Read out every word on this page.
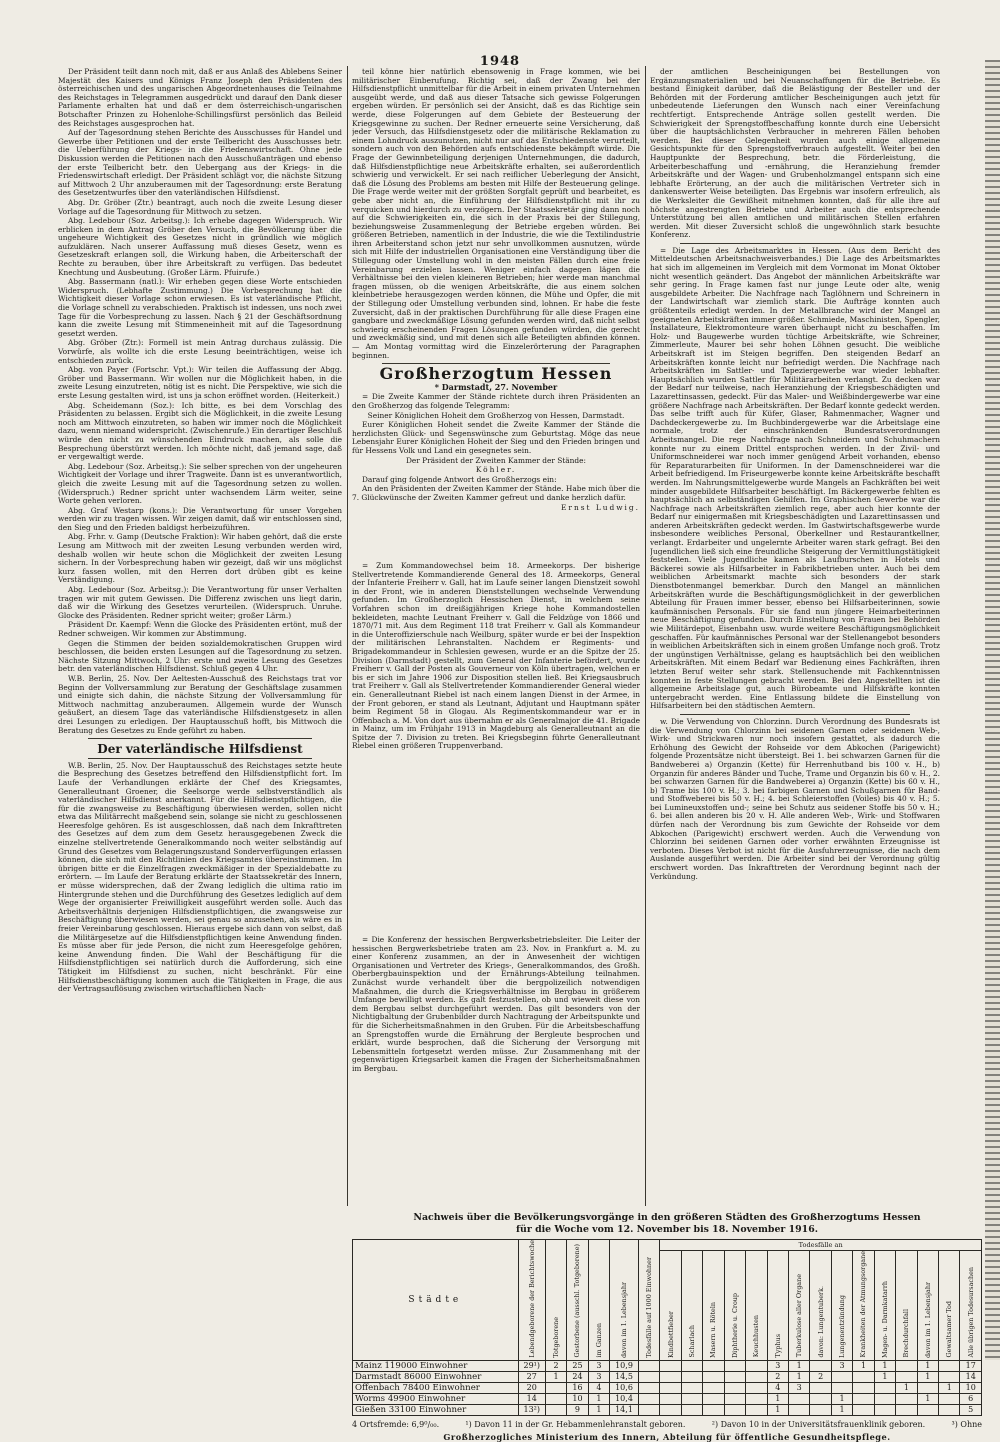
1948

Der Präsident teilt dann noch mit, daß er aus Anlaß des Ablebens Seiner Majestät des Kaisers und Königs Franz Joseph den Präsidenten des österreichischen und des ungarischen Abgeordnetenhauses die Teilnahme des Reichstages in Telegrammen ausgedrückt und darauf den Dank dieser Parlamente erhalten hat und daß er dem österreichisch-ungarischen Botschafter Prinzen zu Hohenlohe-Schillingsfürst persönlich das Beileid des Reichstages ausgesprochen hat.

Auf der Tagesordnung stehen Berichte des Ausschusses für Handel und Gewerbe über Petitionen und der erste Teilbericht des Ausschusses betr. die Ueberführung der Kriegs- in die Friedenswirtschaft. Ohne jede Diskussion werden die Petitionen nach den Ausschußanträgen und ebenso der erste Teilbericht betr. den Uebergang aus der Kriegs- in die Friedenswirtschaft erledigt. Der Präsident schlägt vor, die nächste Sitzung auf Mittwoch 2 Uhr anzuberaumen mit der Tagesordnung: erste Beratung des Gesetzentwurfes über den vaterländischen Hilfsdienst.

Abg. Dr. Gröber (Ztr.) beantragt, auch noch die zweite Lesung dieser Vorlage auf die Tagesordnung für Mittwoch zu setzen.

Abg. Ledebour (Soz. Arbeitsg.): Ich erhebe dagegen Widerspruch. Wir erblicken in dem Antrag Gröber den Versuch, die Bevölkerung über die ungeheure Wichtigkeit des Gesetzes nicht in gründlich wie möglich aufzuklären. Nach unserer Auffassung muß dieses Gesetz, wenn es Gesetzeskraft erlangen soll, die Wirkung haben, die Arbeiterschaft der Rechte zu berauben, über ihre Arbeitskraft zu verfügen. Das bedeutet Knechtung und Ausbeutung. (Großer Lärm. Pfuirufe.)

Abg. Bassermann (natl.): Wir erheben gegen diese Worte entschieden Widerspruch. (Lebhafte Zustimmung.) Die Vorbesprechung hat die Wichtigkeit dieser Vorlage schon erwiesen. Es ist vaterländische Pflicht, die Vorlage schnell zu verabschieden. Praktisch ist indessen, uns noch zwei Tage für die Vorbesprechung zu lassen. Nach § 21 der Geschäftsordnung kann die zweite Lesung mit Stimmeneinheit mit auf die Tagesordnung gesetzt werden.

Abg. Gröber (Ztr.): Formell ist mein Antrag durchaus zulässig. Die Vorwürfe, als wollte ich die erste Lesung beeinträchtigen, weise ich entschieden zurück.

Abg. von Payer (Fortschr. Vpt.): Wir teilen die Auffassung der Abgg. Gröber und Bassermann. Wir wollen nur die Möglichkeit haben, in die zweite Lesung einzutreten, nötig ist es nicht. Die Perspektive, wie sich die erste Lesung gestalten wird, ist uns ja schon eröffnet worden. (Heiterkeit.)

Abg. Scheidemann (Soz.): Ich bitte, es bei dem Vorschlag des Präsidenten zu belassen. Ergibt sich die Möglichkeit, in die zweite Lesung noch am Mittwoch einzutreten, so haben wir immer noch die Möglichkeit dazu, wenn niemand widerspricht. (Zwischenrufe.) Ein derartiger Beschluß würde den nicht zu wünschenden Eindruck machen, als solle die Besprechung überstürzt werden. Ich möchte nicht, daß jemand sage, daß er vergewaltigt werde.

Abg. Ledebour (Soz. Arbeitsg.): Sie selber sprechen von der ungeheuren Wichtigkeit der Vorlage und ihrer Tragweite. Dann ist es unverantwortlich, gleich die zweite Lesung mit auf die Tagesordnung setzen zu wollen. (Widerspruch.) Redner spricht unter wachsendem Lärm weiter, seine Worte gehen verloren.

Abg. Graf Westarp (kons.): Die Verantwortung für unser Vorgehen werden wir zu tragen wissen. Wir zeigen damit, daß wir entschlossen sind, den Sieg und den Frieden baldigst herbeizuführen.

Abg. Frhr. v. Gamp (Deutsche Fraktion): Wir haben gehört, daß die erste Lesung am Mittwoch mit der zweiten Lesung verbunden werden wird, deshalb wollen wir heute schon die Möglichkeit der zweiten Lesung sichern. In der Vorbesprechung haben wir gezeigt, daß wir uns möglichst kurz fassen wollen, mit den Herren dort drüben gibt es keine Verständigung.

Abg. Ledebour (Soz. Arbeitsg.): Die Verantwortung für unser Verhalten tragen wir mit gutem Gewissen. Die Differenz zwischen uns liegt darin, daß wir die Wirkung des Gesetzes verurteilen. (Widerspruch. Unruhe. Glocke des Präsidenten. Redner spricht weiter; großer Lärm.)

Präsident Dr. Kaempf: Wenn die Glocke des Präsidenten ertönt, muß der Redner schweigen. Wir kommen zur Abstimmung.

Gegen die Stimmen der beiden sozialdemokratischen Gruppen wird beschlossen, die beiden ersten Lesungen auf die Tagesordnung zu setzen. Nächste Sitzung Mittwoch, 2 Uhr: erste und zweite Lesung des Gesetzes betr. den vaterländischen Hilfsdienst. Schluß gegen 4 Uhr.

W.B. Berlin, 25. Nov. Der Aeltesten-Ausschuß des Reichstags trat vor Beginn der Vollversammlung zur Beratung der Geschäftslage zusammen und einigte sich dahin, die nächste Sitzung der Vollversammlung für Mittwoch nachmittag anzuberaumen. Allgemein wurde der Wunsch geäußert, an diesem Tage das vaterländische Hilfsdienstgesetz in allen drei Lesungen zu erledigen. Der Hauptausschuß hofft, bis Mittwoch die Beratung des Gesetzes zu Ende geführt zu haben.

Der vaterländische Hilfsdienst

W.B. Berlin, 25. Nov. Der Hauptausschuß des Reichstages setzte heute die Besprechung des Gesetzes betreffend den Hilfsdienstpflicht fort. Im Laufe der Verhandlungen erklärte der Chef des Kriegsamtes, Generalleutnant Groener, die Seelsorge werde selbstverständlich als vaterländischer Hilfsdienst anerkannt. Für die Hilfsdienstpflichtigen, die für die zwangsweise zu Beschäftigung überwiesen werden, sollen nicht etwa das Militärrecht maßgebend sein, solange sie nicht zu geschlossenen Heeresfolge gehören. Es ist ausgeschlossen, daß nach dem Inkrafttreten des Gesetzes auf dem zum dem Gesetz herausgegebenen Zweck die einzelne stellvertretende Generalkommando noch weiter selbständig auf Grund des Gesetzes vom Belagerungszustand Sonderverfügungen erlassen können, die sich mit den Richtlinien des Kriegsamtes übereinstimmen. Im übrigen bitte er die Einzelfragen zweckmäßiger in der Spezialdebatte zu erörtern. — Im Laufe der Beratung erklärte der Staatssekretär des Innern, er müsse widersprechen, daß der Zwang lediglich die ultima ratio im Hintergrunde stehen und die Durchführung des Gesetzes lediglich auf dem Wege der organisierter Freiwilligkeit ausgeführt werden solle. Auch das Arbeitsverhältnis derjenigen Hilfsdienstpflichtigen, die zwangsweise zur Beschäftigung überwiesen werden, sei genau so anzusehen, als wäre es in freier Vereinbarung geschlossen. Hieraus ergebe sich dann von selbst, daß die Militärgesetze auf die Hilfsdienstpflichtigen keine Anwendung finden. Es müsse aber für jede Person, die nicht zum Heeresgefolge gehören, keine Anwendung finden. Die Wahl der Beschäftigung für die Hilfsdienstpflichtigen sei natürlich durch die Aufforderung, sich eine Tätigkeit im Hilfsdienst zu suchen, nicht beschränkt. Für eine Hilfsdienstbeschäftigung kommen auch die Tätigkeiten in Frage, die aus der Vertragsauflösung zwischen wirtschaftlichen Nach-

teil könne hier natürlich ebensowenig in Frage kommen, wie bei militärischer Einberufung. Richtig sei, daß der Zwang bei der Hilfsdienstpflicht unmittelbar für die Arbeit in einem privaten Unternehmen ausgeübt werde, und daß aus dieser Tatsache sich gewisse Folgerungen ergeben würden. Er persönlich sei der Ansicht, daß es das Richtige sein werde, diese Folgerungen auf dem Gebiete der Besteuerung der Kriegsgewinne zu suchen. Der Redner erneuerte seine Versicherung, daß jeder Versuch, das Hilfsdienstgesetz oder die militärische Reklamation zu einem Lohndruck auszunutzen, nicht nur auf das Entschiedenste verurteilt, sondern auch von den Behörden aufs entschiedenste bekämpft würde. Die Frage der Gewinnbeteiligung derjenigen Unternehmungen, die dadurch, daß Hilfsdienstpflichtige neue Arbeitskräfte erhalten, sei außerordentlich schwierig und verwickelt. Er sei nach reiflicher Ueberlegung der Ansicht, daß die Lösung des Problems am besten mit Hilfe der Besteuerung gelinge. Die Frage werde weiter mit der größten Sorgfalt geprüft und bearbeitet, es gebe aber nicht an, die Einführung der Hilfsdienstpflicht mit ihr zu verquicken und hierdurch zu verzögern. Der Staatssekretär ging dann noch auf die Schwierigkeiten ein, die sich in der Praxis bei der Stillegung, beziehungsweise Zusammenlegung der Betriebe ergeben würden. Bei größeren Betrieben, namentlich in der Industrie, die wie die Textilindustrie ihren Arbeiterstand schon jetzt nur sehr unvollkommen ausnutzen, würde sich mit Hilfe der industriellen Organisationen eine Verständigung über die Stillegung oder Umstellung wohl in den meisten Fällen durch eine freie Vereinbarung erzielen lassen. Weniger einfach dagegen lägen die Verhältnisse bei den vielen kleineren Betrieben; hier werde man manchmal fragen müssen, ob die wenigen Arbeitskräfte, die aus einem solchen kleinbetriebe herausgezogen werden können, die Mühe und Opfer, die mit der Stillegung oder Umstellung verbunden sind, lohnen. Er habe die feste Zuversicht, daß in der praktischen Durchführung für alle diese Fragen eine gangbare und zweckmäßige Lösung gefunden werden wird, daß nicht selbst schwierig erscheinenden Fragen Lösungen gefunden würden, die gerecht und zweckmäßig sind, und mit denen sich alle Beteiligten abfinden können. — Am Montag vormittag wird die Einzelerörterung der Paragraphen beginnen.

Großherzogtum Hessen
* Darmstadt, 27. November

= Die Zweite Kammer der Stände richtete durch ihren Präsidenten an den Großherzog das folgende Telegramm:

Seiner Königlichen Hoheit dem Großherzog von Hessen, Darmstadt.

Eurer Königlichen Hoheit sendet die Zweite Kammer der Stände die herzlichsten Glück- und Segenswünsche zum Geburtstag. Möge das neue Lebensjahr Eurer Königlichen Hoheit der Sieg und den Frieden bringen und für Hessens Volk und Land ein gesegnetes sein.

Der Präsident der Zweiten Kammer der Stände:

Köhler.

Darauf ging folgende Antwort des Großherzogs ein:

An den Präsidenten der Zweiten Kammer der Stände. Habe mich über die 7. Glückwünsche der Zweiten Kammer gefreut und danke herzlich dafür.

Ernst Ludwig.

= Zum Kommandowechsel beim 18. Armeekorps. Der bisherige Stellvertretende Kommandierende General des 18. Armeekorps, General der Infanterie Freiherr v. Gall, hat im Laufe seiner langen Dienstzeit sowohl in der Front, wie in anderen Dienststellungen wechselnde Verwendung gefunden. Im Großherzoglich Hessischen Dienst, in welchem seine Vorfahren schon im dreißigjährigen Kriege hohe Kommandostellen bekleideten, machte Leutnant Freiherr v. Gall die Feldzüge von 1866 und 1870/71 mit. Aus dem Regiment 118 trat Freiherr v. Gall als Kommandeur in die Unteroffizierschule nach Weilburg, später wurde er bei der Inspektion der militärischen Lehranstalten. Nachdem er Regiments- und Brigadekommandeur in Schlesien gewesen, wurde er an die Spitze der 25. Division (Darmstadt) gestellt, zum General der Infanterie befördert, wurde Freiherr v. Gall der Posten als Gouverneur von Köln übertragen, welchen er bis er sich im Jahre 1906 zur Disposition stellen ließ. Bei Kriegsausbruch trat Freiherr v. Gall als Stellvertretender Kommandierender General wieder ein. Generalleutnant Riebel ist nach einem langen Dienst in der Armee, in der Front geboren, er stand als Leutnant, Adjutant und Hauptmann später beim Regiment 58 in Glogau. Als Regimentskommandeur war er in Offenbach a. M. Von dort aus übernahm er als Generalmajor die 41. Brigade in Mainz, um im Frühjahr 1913 in Magdeburg als Generalleutnant an die Spitze der 7. Division zu treten. Bei Kriegsbeginn führte Generalleutnant Riebel einen größeren Truppenverband.

= Die Konferenz der hessischen Bergwerksbetriebsleiter. Die Leiter der hessischen Bergwerksbetriebe traten am 23. Nov. in Frankfurt a. M. zu einer Konferenz zusammen, an der in Anwesenheit der wichtigen Organisationen und Vertreter des Kriegs-, Generalkommandos, des Großh. Oberbergbauinspektion und der Ernährungs-Abteilung teilnahmen. Zunächst wurde verhandelt über die bergpolizeilich notwendigen Maßnahmen, die durch die Kriegsverhältnisse im Bergbau in größerem Umfange bewilligt werden. Es galt festzustellen, ob und wieweit diese von dem Bergbau selbst durchgeführt werden. Das gilt besonders von der Nichtigbaltung der Grubenbilder durch Nachtragung der Arbeitspunkte und für die Sicherheitsmaßnahmen in den Gruben. Für die Arbeitsbeschaffung an Sprengstoffen wurde die Ernährung der Bergleute besprochen und erklärt, wurde besprochen, daß die Sicherung der Versorgung mit Lebensmitteln fortgesetzt werden müsse. Zur Zusammenhang mit der gegenwärtigen Kriegsarbeit kamen die Fragen der Sicherheitsmaßnahmen im Bergbau.

der amtlichen Bescheinigungen bei Bestellungen von Ergänzungsmaterialien und bei Neuanschaffungen für die Betriebe. Es bestand Einigkeit darüber, daß die Belästigung der Besteller und der Behörden mit der Forderung amtlicher Bescheinigungen auch jetzt für unbedeutende Lieferungen den Wunsch nach einer Vereinfachung rechtfertigt. Entsprechende Anträge sollen gestellt werden. Die Schwierigkeit der Sprengstoffbeschaffung konnte durch eine Uebersicht über die hauptsächlichsten Verbraucher in mehreren Fällen behoben werden. Bei dieser Gelegenheit wurden auch einige allgemeine Gesichtspunkte für den Sprengstoffverbrauch aufgestellt. Weiter bei den Hauptpunkte der Besprechung, betr. die Förderleistung, die Arbeiterbeschaffung und -ernährung, die Heranziehung fremder Arbeitskräfte und der Wagen- und Grubenholzmangel entspann sich eine lebhafte Erörterung, an der auch die militärischen Vertreter sich in dankenswerter Weise beteiligten. Das Ergebnis war insofern erfreulich, als die Werksleiter die Gewißheit mitnehmen konnten, daß für alle ihre auf höchste angestrengten Betriebe und Arbeiter auch die entsprechende Unterstützung bei allen amtlichen und militärischen Stellen erfahren werden. Mit dieser Zuversicht schloß die ungewöhnlich stark besuchte Konferenz.

= Die Lage des Arbeitsmarktes in Hessen. (Aus dem Bericht des Mitteldeutschen Arbeitsnachweisverbandes.) Die Lage des Arbeitsmarktes hat sich im allgemeinen im Vergleich mit dem Vormonat im Monat Oktober nicht wesentlich geändert. Das Angebot der männlichen Arbeitskräfte war sehr gering. In Frage kamen fast nur junge Leute oder alte, wenig ausgebildete Arbeiter. Die Nachfrage nach Taglöhnern und Schreinern in der Landwirtschaft war ziemlich stark. Die Aufträge konnten auch größtenteils erledigt werden. In der Metallbranche wird der Mangel an geeigneten Arbeitskräften immer größer. Schmiede, Maschinisten, Spengler, Installateure, Elektromonteure waren überhaupt nicht zu beschaffen. Im Holz- und Baugewerbe wurden tüchtige Arbeitskräfte, wie Schreiner, Zimmerleute, Maurer bei sehr hohen Löhnen gesucht. Die weibliche Arbeitskraft ist im Steigen begriffen. Den steigenden Bedarf an Arbeitskräften konnte leicht nur befriedigt werden. Die Nachfrage nach Arbeitskräften im Sattler- und Tapeziergewerbe war wieder lebhafter. Hauptsächlich wurden Sattler für Militärarbeiten verlangt. Zu decken war der Bedarf nur teilweise, nach Heranziehung der Kriegsbeschädigten und Lazarettinsassen, gedeckt. Für das Maler- und Weißbindergewerbe war eine größere Nachfrage nach Arbeitskräften. Der Bedarf konnte gedeckt werden. Das selbe trifft auch für Küfer, Glaser, Rahmenmacher, Wagner und Dachdeckergewerbe zu. Im Buchbindergewerbe war die Arbeitslage eine normale, trotz der einschränkenden Bundesratsverordnungen Arbeitsmangel. Die rege Nachfrage nach Schneidern und Schuhmachern konnte nur zu einem Drittel entsprochen werden. In der Zivil- und Uniformschneiderei war noch immer genügend Arbeit vorhanden, ebenso für Reparaturarbeiten für Uniformen. In der Damenschneiderei war die Arbeit befriedigend. Im Friseurgewerbe konnte keine Arbeitskräfte beschafft werden. Im Nahrungsmittelgewerbe wurde Mangels an Fachkräften bei weit minder ausgebildete Hilfsarbeiter beschäftigt. Im Bäckergewerbe fehlten es hauptsächlich an selbständigen Gehilfen. Im Graphischen Gewerbe war die Nachfrage nach Arbeitskräften ziemlich rege, aber auch hier konnte der Bedarf nur einigermaßen mit Kriegsbeschädigten und Lazarettinsassen und anderen Arbeitskräften gedeckt werden. Im Gastwirtschaftsgewerbe wurde insbesondere weibliches Personal, Oberkellner und Restaurantkellner, verlangt. Erdarbeiter und ungelernte Arbeiter waren stark gefragt. Bei den Jugendlichen ließ sich eine freundliche Steigerung der Vermittlungstätigkeit feststellen. Viele Jugendliche kamen als Laufburschen in Hotels und Bäckerei sowie als Hilfsarbeiter in Fabrikbetrieben unter. Auch bei dem weiblichen Arbeitsmarkt machte sich besonders der stark Dienstbotenmangel bemerkbar. Durch den Mangel an männlichen Arbeitskräften wurde die Beschäftigungsmöglichkeit in der gewerblichen Abteilung für Frauen immer besser, ebenso bei Hilfsarbeiterinnen, sowie kaufmännischen Personals. Für sie fand nun jüngere Heimarbeiterinnen neue Beschäftigung gefunden. Durch Einstellung von Frauen bei Behörden wie Militärdepot, Eisenbahn usw. wurde weitere Beschäftigungsmöglichkeit geschaffen. Für kaufmännisches Personal war der Stellenangebot besonders in weiblichen Arbeitskräften sich in einem großen Umfange noch groß. Trotz der ungünstigen Verhältnisse, gelang es hauptsächlich bei den weiblichen Arbeitskräften. Mit einem Bedarf war Bedienung eines Fachkräften, ihren letzten Beruf weiter sehr stark. Stellensuchende mit Fachkenntnissen konnten in feste Stellungen gebracht werden. Bei den Angestellten ist die allgemeine Arbeitslage gut, auch Bürobeamte und Hilfskräfte konnten untergebracht werden. Eine Entlassung bildete die Einstellung von Hilfsarbeitern bei den städtischen Aemtern.

w. Die Verwendung von Chlorzinn. Durch Verordnung des Bundesrats ist die Verwendung von Chlorzinn bei seidenen Garnen oder seidenen Web-, Wirk- und Strickwaren nur noch insofern gestattet, als dadurch die Erhöhung des Gewicht der Rohseide vor dem Abkochen (Parigewicht) folgende Prozentsätze nicht übersteigt. Bei 1. bei schwarzen Garnen für die Bandweberei a) Organzin (Kette) für Herrenhutband bis 100 v. H., b) Organzin für anderes Bänder und Tuche, Trame und Organzin bis 60 v. H., 2. bei schwarzen Garnen für die Bandweberei a) Organzin (Kette) bis 60 v. H., b) Trame bis 100 v. H.; 3. bei farbigen Garnen und Schußgarnen für Band- und Stoffweberei bis 50 v. H.; 4. bei Schleierstoffen (Voiles) bis 40 v. H.; 5. bei Lumineuxstoffen und-; seine bei Schutz aus seidener Stoffe bis 50 v. H.; 6. bei allen anderen bis 20 v. H. Alle anderen Web-, Wirk- und Stoffwaren dürfen nach der Verordnung bis zum Gewichte der Rohseide vor dem Abkochen (Parigewicht) erschwert werden. Auch die Verwendung von Chlorzinn bei seidenen Garnen oder vorher erwähnten Erzeugnisse ist verboten. Dieses Verbot ist nicht für die Ausfuhrerzeugnisse, die nach dem Auslande ausgeführt werden. Die Arbeiter sind bei der Verordnung gültig erschwert worden. Das Inkrafttreten der Verordnung beginnt nach der Verkündung.

Nachweis über die Bevölkerungsvorgänge in den größeren Städten des Großherzogtums Hessen
für die Woche vom 12. November bis 18. November 1916.
Städte	Lebendgeborene der Berichtswoche	Totgeborene	Gestorbene (ausschl. Totgeborene)	im Ganzen	davon im 1. Lebensjahr	Todesfälle auf 1000 Einwohner	Todesfälle an														
							Kindbettfieber	Scharlach	Masern u. Röteln	Diphtherie u. Croup	Keuchhusten	Typhus	Tuberkulose aller Organe	davon: Lungentuberk.	Lungenentzündung	Krankheiten der Atmungsorgane	Magen- u. Darmkatarrh	Brechdurchfall	davon im 1. Lebensjahr	Gewaltsamer Tod	Alle übrigen Todesursachen
Mainz 119000 Einwohner	29¹)	2	25	3	10,9							3	1		3	1	1		1		17
Darmstadt 86000 Einwohner	27	1	24	3	14,5							2	1	2			1		1		14
Offenbach 78400 Einwohner	20		16	4	10,6							4	3					1		1	10
Worms 49900 Einwohner	14		10	1	10,4							1			1				1		6
Gießen 33100 Einwohner	13²)		9	1	14,1							1			1						5
4 Ortsfremde: 6,9⁰/₀₀.	¹) Davon 11 in der Gr. Hebammenlehranstalt geboren.	²) Davon 10 in der Universitätsfrauenklinik geboren.	³) Ohne
Großherzogliches Ministerium des Innern, Abteilung für öffentliche Gesundheitspflege.
